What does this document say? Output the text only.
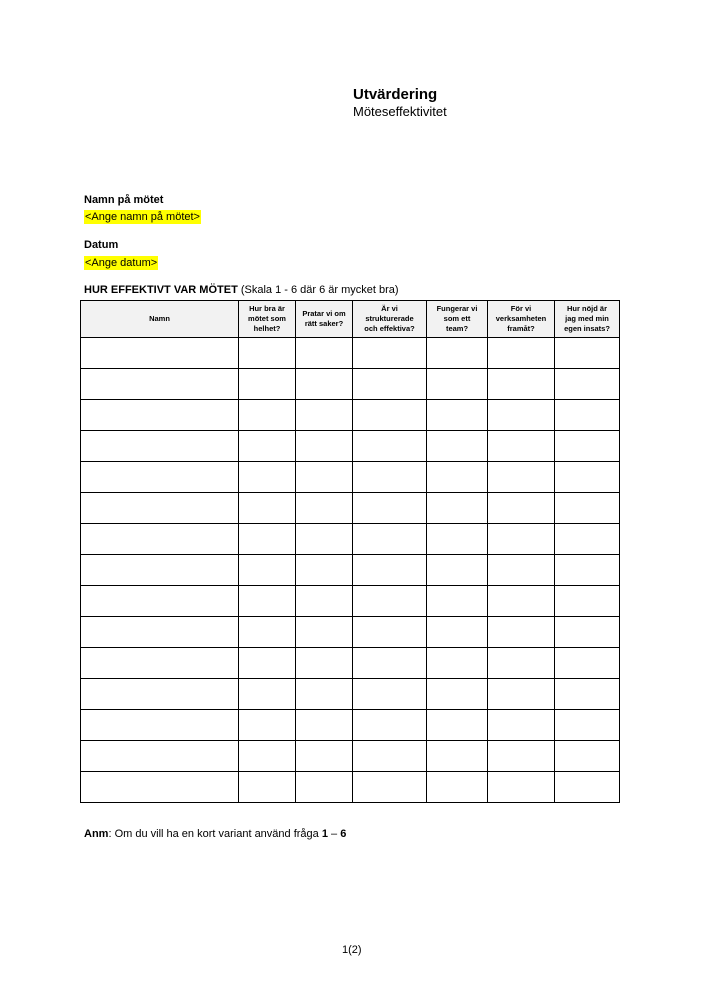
Utvärdering
Möteseffektivitet
Namn på mötet
<Ange namn på mötet>
Datum
<Ange datum>
HUR EFFEKTIVT VAR MÖTET (Skala 1 - 6 där 6 är mycket bra)
Namn	Hur bra är
mötet som
helhet?	Pratar vi om
rätt saker?	Är vi
strukturerade
och effektiva?	Fungerar vi
som ett
team?	För vi
verksamheten
framåt?	Hur nöjd är
jag med min
egen insats?

Anm: Om du vill ha en kort variant använd fråga 1 – 6
1(2)
